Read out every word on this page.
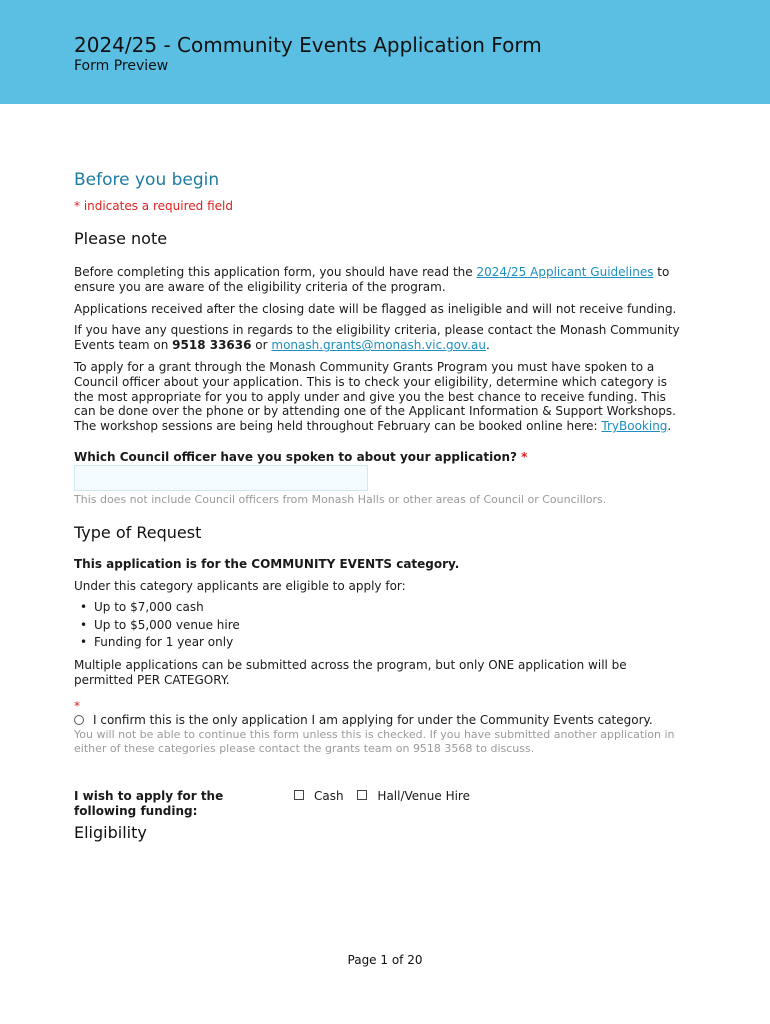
2024/25 - Community Events Application Form
Form Preview
Before you begin
* indicates a required field
Please note

Before completing this application form, you should have read the 2024/25 Applicant Guidelines to ensure you are aware of the eligibility criteria of the program.

Applications received after the closing date will be flagged as ineligible and will not receive funding.

If you have any questions in regards to the eligibility criteria, please contact the Monash Community Events team on 9518 33636 or monash.grants@monash.vic.gov.au.

To apply for a grant through the Monash Community Grants Program you must have spoken to a Council officer about your application. This is to check your eligibility, determine which category is the most appropriate for you to apply under and give you the best chance to receive funding. This can be done over the phone or by attending one of the Applicant Information & Support Workshops. The workshop sessions are being held throughout February can be booked online here: TryBooking.

Which Council officer have you spoken to about your application? *

This does not include Council officers from Monash Halls or other areas of Council or Councillors.
Type of Request

This application is for the COMMUNITY EVENTS category.

Under this category applicants are eligible to apply for:

• Up to $7,000 cash
• Up to $5,000 venue hire
• Funding for 1 year only

Multiple applications can be submitted across the program, but only ONE application will be permitted PER CATEGORY.

*

I confirm this is the only application I am applying for under the Community Events category.

You will not be able to continue this form unless this is checked. If you have submitted another application in either of these categories please contact the grants team on 9518 3568 to discuss.
I wish to apply for the following funding:
Cash	Hall/Venue Hire
Eligibility
Page 1 of 20
